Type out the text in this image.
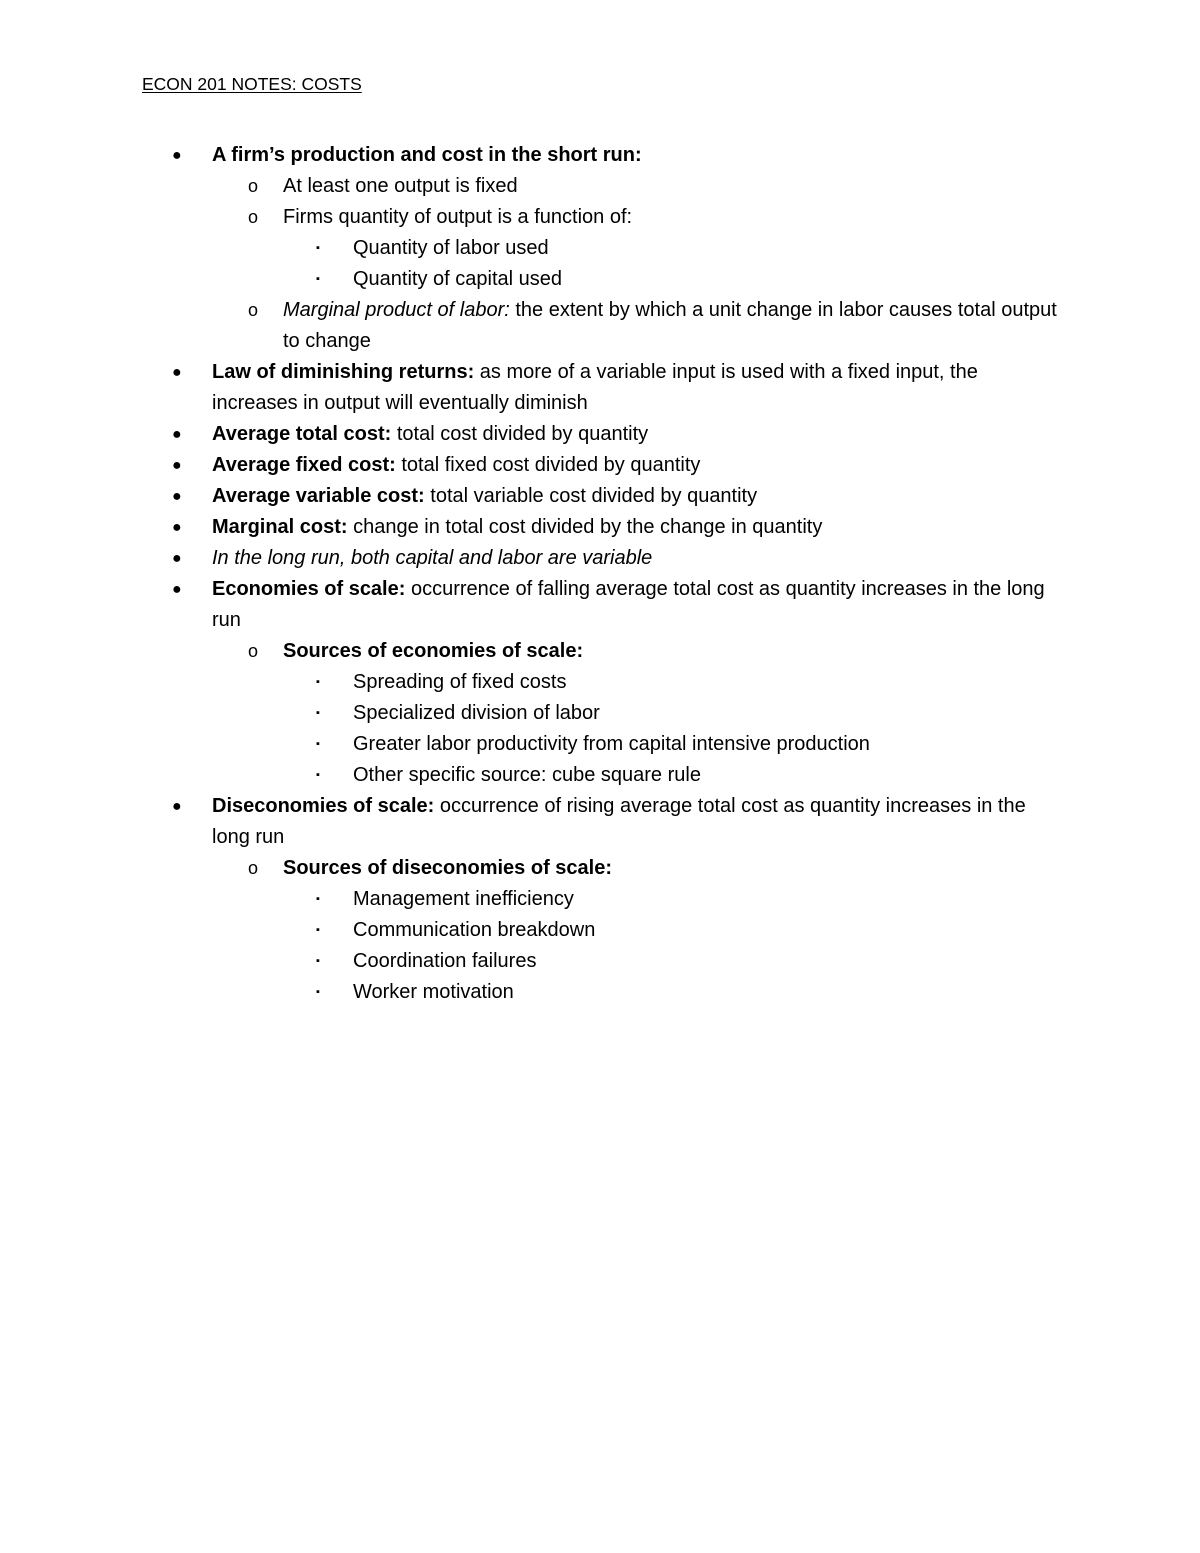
ECON 201 NOTES: COSTS
● A firm’s production and cost in the short run:
o At least one output is fixed
o Firms quantity of output is a function of:
▪ Quantity of labor used
▪ Quantity of capital used
o Marginal product of labor: the extent by which a unit change in labor causes total output to change
● Law of diminishing returns: as more of a variable input is used with a fixed input, the increases in output will eventually diminish
● Average total cost: total cost divided by quantity
● Average fixed cost: total fixed cost divided by quantity
● Average variable cost: total variable cost divided by quantity
● Marginal cost: change in total cost divided by the change in quantity
● In the long run, both capital and labor are variable
● Economies of scale: occurrence of falling average total cost as quantity increases in the long run
o Sources of economies of scale:
▪ Spreading of fixed costs
▪ Specialized division of labor
▪ Greater labor productivity from capital intensive production
▪ Other specific source: cube square rule
● Diseconomies of scale: occurrence of rising average total cost as quantity increases in the long run
o Sources of diseconomies of scale:
▪ Management inefficiency
▪ Communication breakdown
▪ Coordination failures
▪ Worker motivation
